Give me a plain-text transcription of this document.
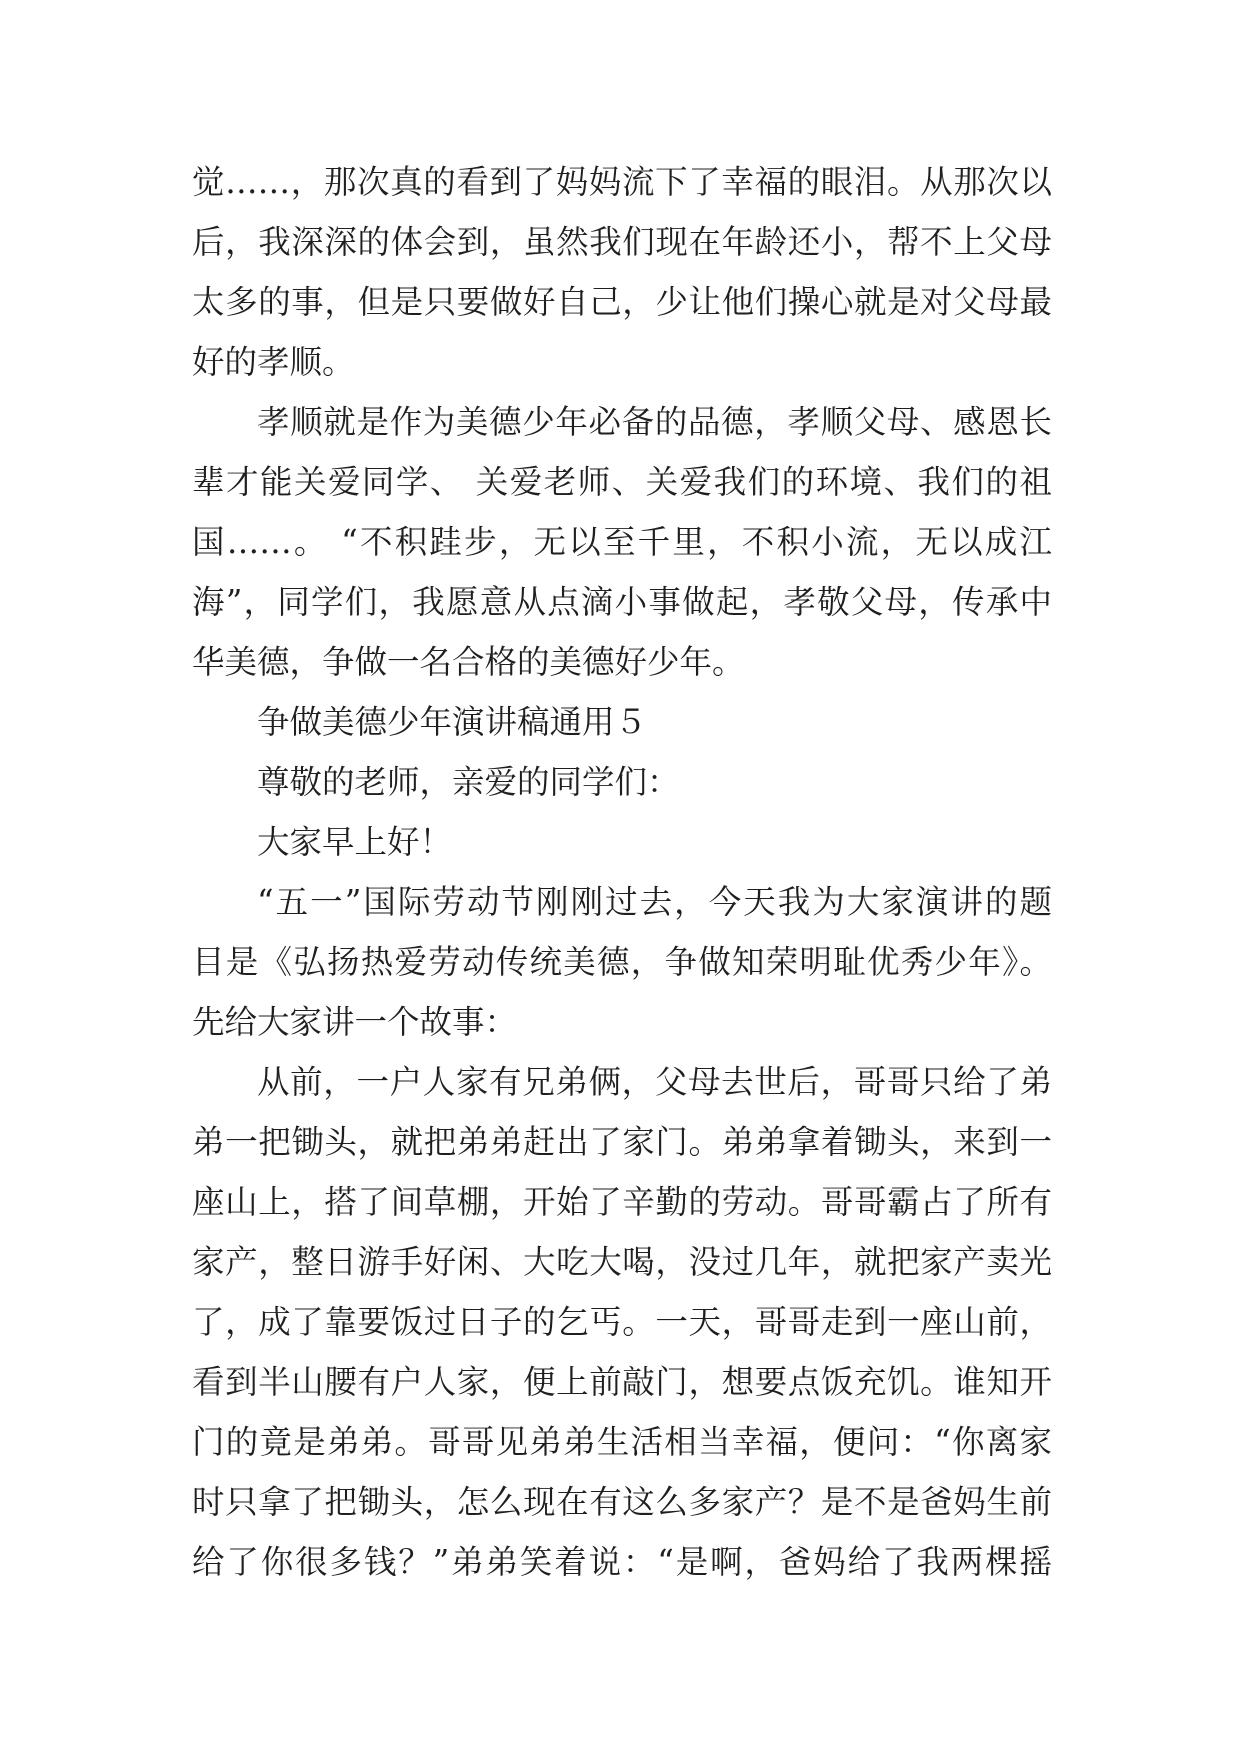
觉……，那次真的看到了妈妈流下了幸福的眼泪。从那次以
后，我深深的体会到，虽然我们现在年龄还小，帮不上父母
太多的事，但是只要做好自己，少让他们操心就是对父母最
好的孝顺。
孝顺就是作为美德少年必备的品德，孝顺父母、感恩长
辈才能关爱同学、 关爱老师、关爱我们的环境、我们的祖
国……。 “不积跬步，无以至千里，不积小流，无以成江
海”，同学们，我愿意从点滴小事做起，孝敬父母，传承中
华美德，争做一名合格的美德好少年。
争做美德少年演讲稿通用５
尊敬的老师，亲爱的同学们：
大家早上好！
“五一”国际劳动节刚刚过去，今天我为大家演讲的题
目是《弘扬热爱劳动传统美德，争做知荣明耻优秀少年》。
先给大家讲一个故事：
从前，一户人家有兄弟俩，父母去世后，哥哥只给了弟
弟一把锄头，就把弟弟赶出了家门。弟弟拿着锄头，来到一
座山上，搭了间草棚，开始了辛勤的劳动。哥哥霸占了所有
家产，整日游手好闲、大吃大喝，没过几年，就把家产卖光
了，成了靠要饭过日子的乞丐。一天，哥哥走到一座山前，
看到半山腰有户人家，便上前敲门，想要点饭充饥。谁知开
门的竟是弟弟。哥哥见弟弟生活相当幸福，便问：“你离家
时只拿了把锄头，怎么现在有这么多家产？是不是爸妈生前
给了你很多钱？”弟弟笑着说：“是啊，爸妈给了我两棵摇
